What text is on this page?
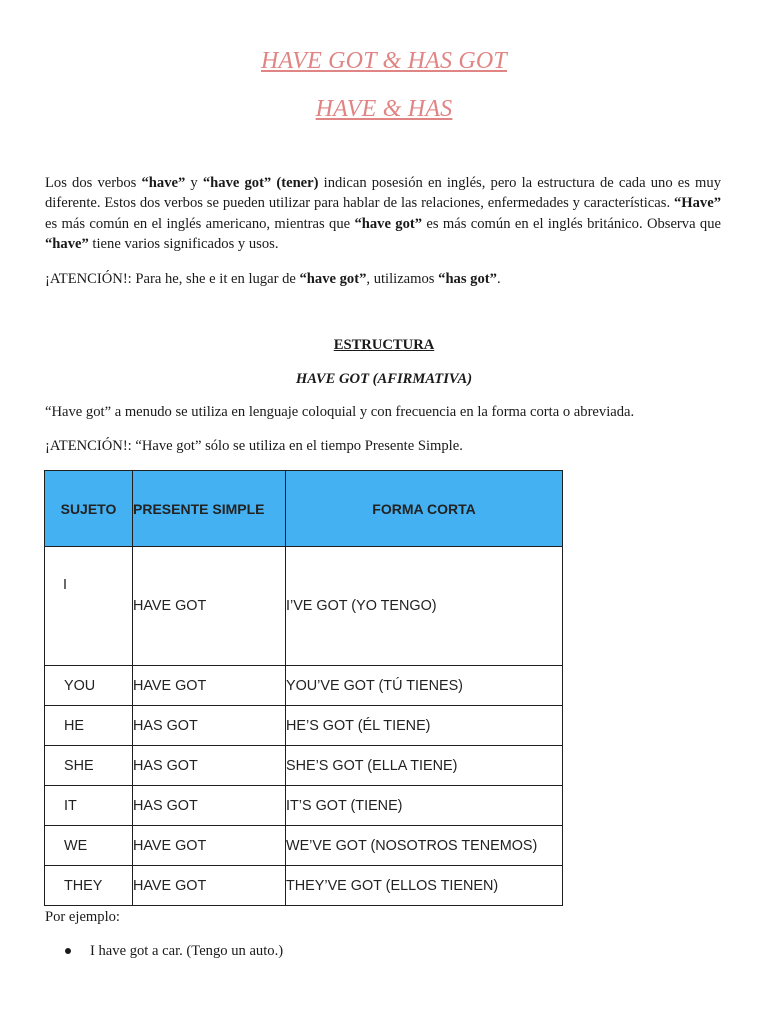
HAVE GOT & HAS GOT
HAVE & HAS
Los dos verbos “have” y “have got” (tener) indican posesión en inglés, pero la estructura de cada uno es muy diferente. Estos dos verbos se pueden utilizar para hablar de las relaciones, enfermedades y características. “Have” es más común en el inglés americano, mientras que “have got” es más común en el inglés británico. Observa que “have” tiene varios significados y usos.
¡ATENCIÓN!: Para he, she e it en lugar de “have got”, utilizamos “has got”.
ESTRUCTURA
HAVE GOT (AFIRMATIVA)
“Have got” a menudo se utiliza en lenguaje coloquial y con frecuencia en la forma corta o abreviada.
¡ATENCIÓN!: “Have got” sólo se utiliza en el tiempo Presente Simple.
SUJETO	PRESENTE SIMPLE	FORMA CORTA
I	HAVE GOT	I’VE GOT (YO TENGO)
YOU	HAVE GOT	YOU’VE GOT (TÚ TIENES)
HE	HAS GOT	HE’S GOT (ÉL TIENE)
SHE	HAS GOT	SHE’S GOT (ELLA TIENE)
IT	HAS GOT	IT’S GOT (TIENE)
WE	HAVE GOT	WE’VE GOT (NOSOTROS TENEMOS)
THEY	HAVE GOT	THEY’VE GOT (ELLOS TIENEN)
Por ejemplo:
I have got a car. (Tengo un auto.)
